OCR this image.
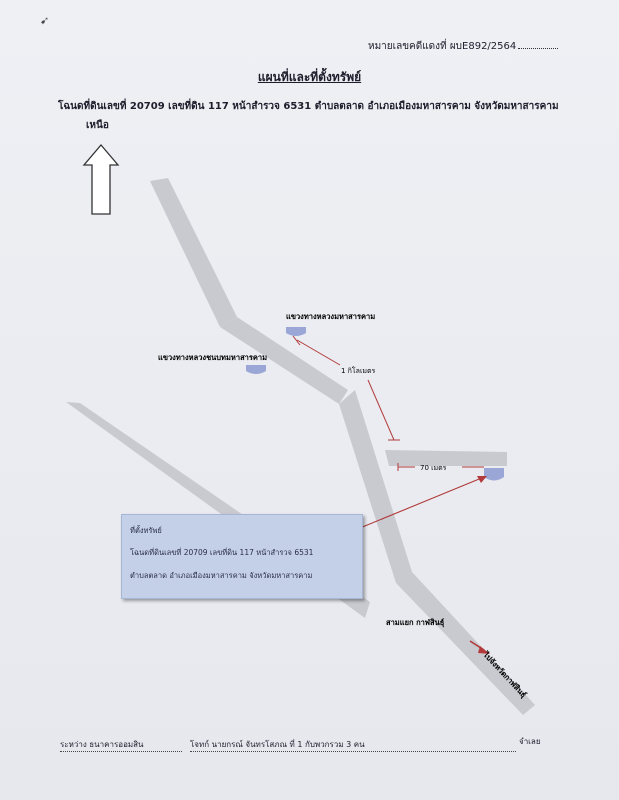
➹
หมายเลขคดีแดงที่ ผบE892/2564
แผนที่และที่ตั้งทรัพย์
โฉนดที่ดินเลขที่ 20709 เลขที่ดิน 117 หน้าสำรวจ 6531 ตำบลตลาด อำเภอเมืองมหาสารคาม จังหวัดมหาสารคาม
เหนือ
แขวงทางหลวงมหาสารคาม
แขวงทางหลวงชนบทมหาสารคาม
1 กิโลเมตร
70 เมตร
สามแยก กาฬสินธุ์
ไปจังหวัดกาฬสินธุ์
ที่ตั้งทรัพย์
โฉนดที่ดินเลขที่ 20709 เลขที่ดิน 117 หน้าสำรวจ 6531
ตำบลตลาด อำเภอเมืองมหาสารคาม จังหวัดมหาสารคาม
ระหว่าง ธนาคารออมสิน	โจทก์ นายกรณ์ จันทรโสภณ ที่ 1 กับพวกรวม 3 คน	จำเลย
